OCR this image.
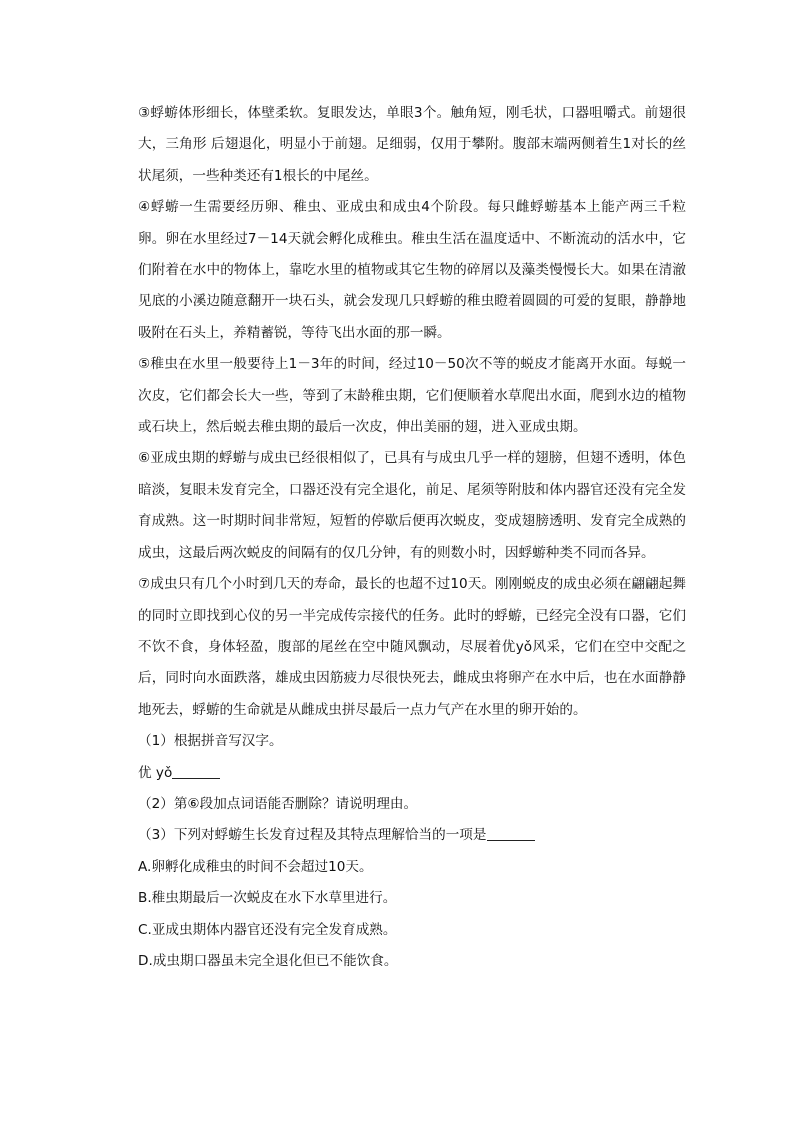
③蜉蝣体形细长，体壁柔软。复眼发达，单眼3个。触角短，刚毛状，口器咀嚼式。前翅很大，三角形 后翅退化，明显小于前翅。足细弱，仅用于攀附。腹部末端两侧着生1对长的丝状尾须，一些种类还有1根长的中尾丝。

④蜉蝣一生需要经历卵、稚虫、亚成虫和成虫4个阶段。每只雌蜉蝣基本上能产两三千粒卵。卵在水里经过7－14天就会孵化成稚虫。稚虫生活在温度适中、不断流动的活水中，它们附着在水中的物体上，靠吃水里的植物或其它生物的碎屑以及藻类慢慢长大。如果在清澈见底的小溪边随意翻开一块石头，就会发现几只蜉蝣的稚虫瞪着圆圆的可爱的复眼，静静地吸附在石头上，养精蓄锐，等待飞出水面的那一瞬。

⑤稚虫在水里一般要待上1－3年的时间，经过10－50次不等的蜕皮才能离开水面。每蜕一次皮，它们都会长大一些，等到了末龄稚虫期，它们便顺着水草爬出水面，爬到水边的植物或石块上，然后蜕去稚虫期的最后一次皮，伸出美丽的翅，进入亚成虫期。

⑥亚成虫期的蜉蝣与成虫已经很相似了，已具有与成虫几乎一样的翅膀，但翅不透明，体色暗淡，复眼未发育完全，口器还没有完全退化，前足、尾须等附肢和体内器官还没有完全发育成熟。这一时期时间非常短，短暂的停歇后便再次蜕皮，变成翅膀透明、发育完全成熟的成虫，这最后两次蜕皮的间隔有的仅几分钟，有的则数小时，因蜉蝣种类不同而各异。

⑦成虫只有几个小时到几天的寿命，最长的也超不过10天。刚刚蜕皮的成虫必须在翩翩起舞的同时立即找到心仪的另一半完成传宗接代的任务。此时的蜉蝣，已经完全没有口器，它们不饮不食，身体轻盈，腹部的尾丝在空中随风飘动，尽展着优yǒ风采，它们在空中交配之后，同时向水面跌落，雄成虫因筋疲力尽很快死去，雌成虫将卵产在水中后，也在水面静静地死去，蜉蝣的生命就是从雌成虫拼尽最后一点力气产在水里的卵开始的。

（1）根据拼音写汉字。

优 yǒ

（2）第⑥段加点词语能否删除？请说明理由。

（3）下列对蜉蝣生长发育过程及其特点理解恰当的一项是

A.卵孵化成稚虫的时间不会超过10天。

B.稚虫期最后一次蜕皮在水下水草里进行。

C.亚成虫期体内器官还没有完全发育成熟。

D.成虫期口器虽未完全退化但已不能饮食。
